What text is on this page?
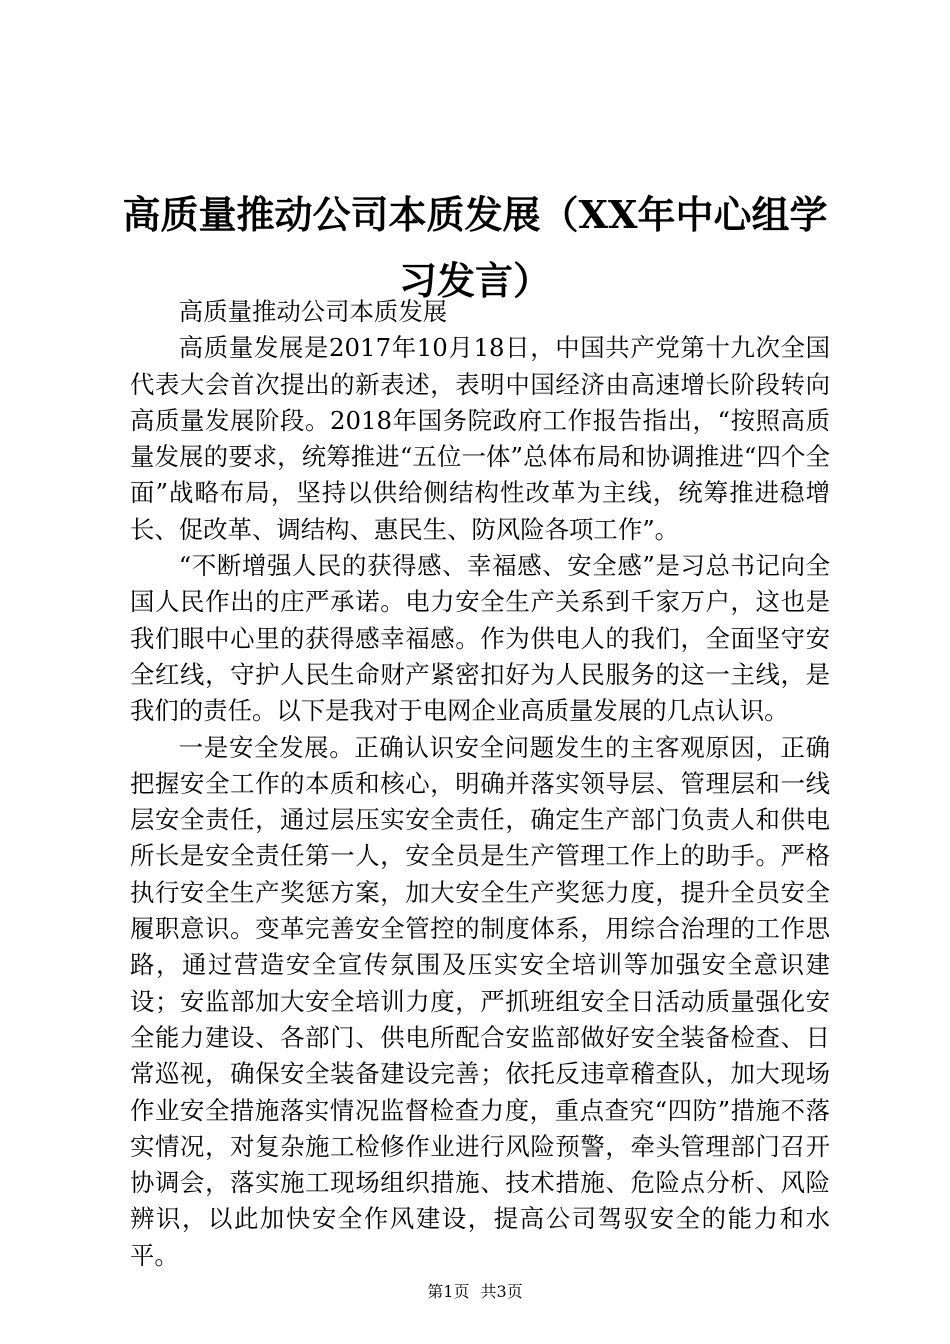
高质量推动公司本质发展（XX年中心组学习发言）

高质量推动公司本质发展

高质量发展是2017年10月18日，中国共产党第十九次全国代表大会首次提出的新表述，表明中国经济由高速增长阶段转向高质量发展阶段。2018年国务院政府工作报告指出，“按照高质量发展的要求，统筹推进“五位一体”总体布局和协调推进“四个全面”战略布局，坚持以供给侧结构性改革为主线，统筹推进稳增长、促改革、调结构、惠民生、防风险各项工作”。

“不断增强人民的获得感、幸福感、安全感”是习总书记向全国人民作出的庄严承诺。电力安全生产关系到千家万户，这也是我们眼中心里的获得感幸福感。作为供电人的我们，全面坚守安全红线，守护人民生命财产紧密扣好为人民服务的这一主线，是我们的责任。以下是我对于电网企业高质量发展的几点认识。

一是安全发展。正确认识安全问题发生的主客观原因，正确把握安全工作的本质和核心，明确并落实领导层、管理层和一线层安全责任，通过层压实安全责任，确定生产部门负责人和供电所长是安全责任第一人，安全员是生产管理工作上的助手。严格执行安全生产奖惩方案，加大安全生产奖惩力度，提升全员安全履职意识。变革完善安全管控的制度体系，用综合治理的工作思路，通过营造安全宣传氛围及压实安全培训等加强安全意识建设；安监部加大安全培训力度，严抓班组安全日活动质量强化安全能力建设、各部门、供电所配合安监部做好安全装备检查、日常巡视，确保安全装备建设完善；依托反违章稽查队，加大现场作业安全措施落实情况监督检查力度，重点查究“四防”措施不落实情况，对复杂施工检修作业进行风险预警，牵头管理部门召开协调会，落实施工现场组织措施、技术措施、危险点分析、风险辨识，以此加快安全作风建设，提高公司驾驭安全的能力和水平。

第1页 共3页
